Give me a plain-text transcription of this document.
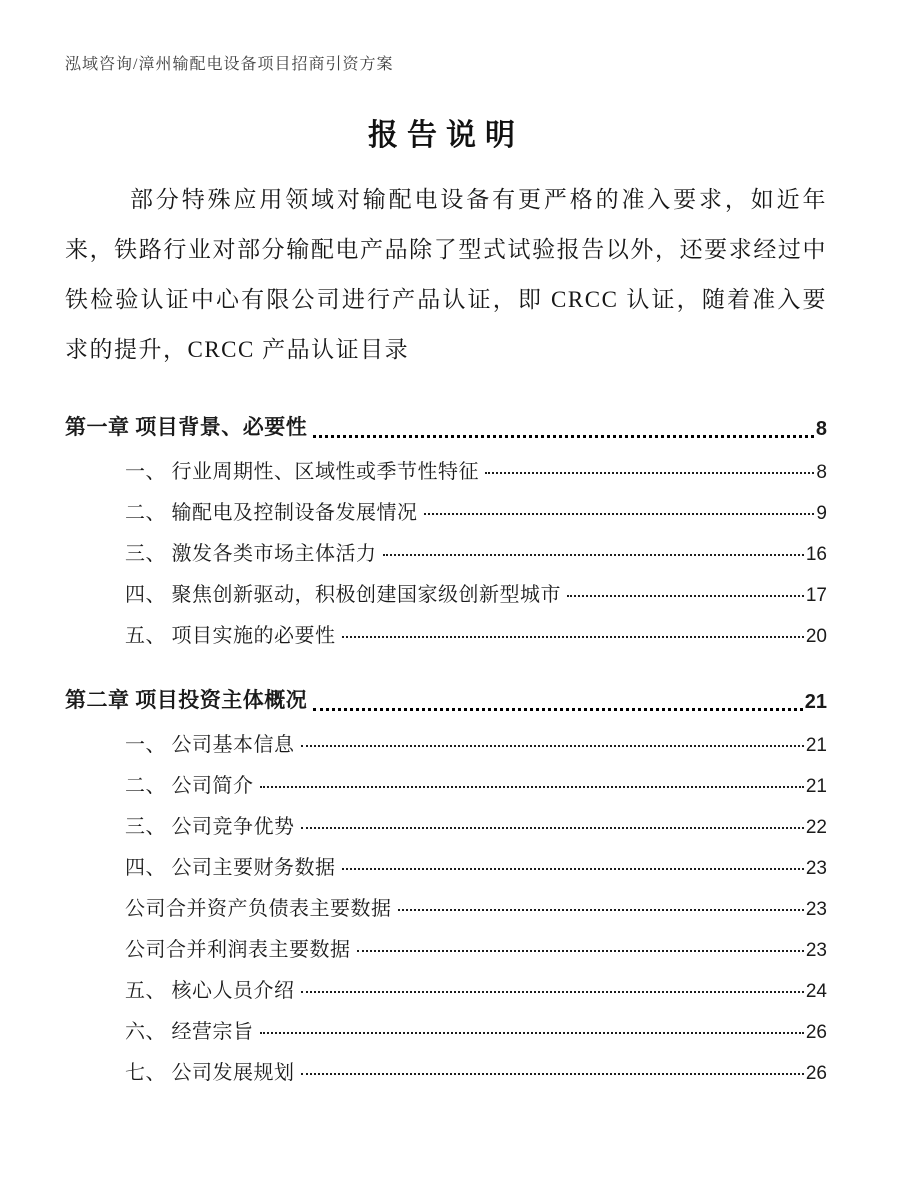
泓域咨询/漳州输配电设备项目招商引资方案
报告说明

部分特殊应用领域对输配电设备有更严格的准入要求，如近年来，铁路行业对部分输配电产品除了型式试验报告以外，还要求经过中铁检验认证中心有限公司进行产品认证，即 CRCC 认证，随着准入要求的提升，CRCC 产品认证目录

第一章 项目背景、必要性	8
一、 行业周期性、区域性或季节性特征	8
二、 输配电及控制设备发展情况	9
三、 激发各类市场主体活力	16
四、 聚焦创新驱动，积极创建国家级创新型城市	17
五、 项目实施的必要性	20
第二章 项目投资主体概况	21
一、 公司基本信息	21
二、 公司简介	21
三、 公司竞争优势	22
四、 公司主要财务数据	23
公司合并资产负债表主要数据	23
公司合并利润表主要数据	23
五、 核心人员介绍	24
六、 经营宗旨	26
七、 公司发展规划	26
